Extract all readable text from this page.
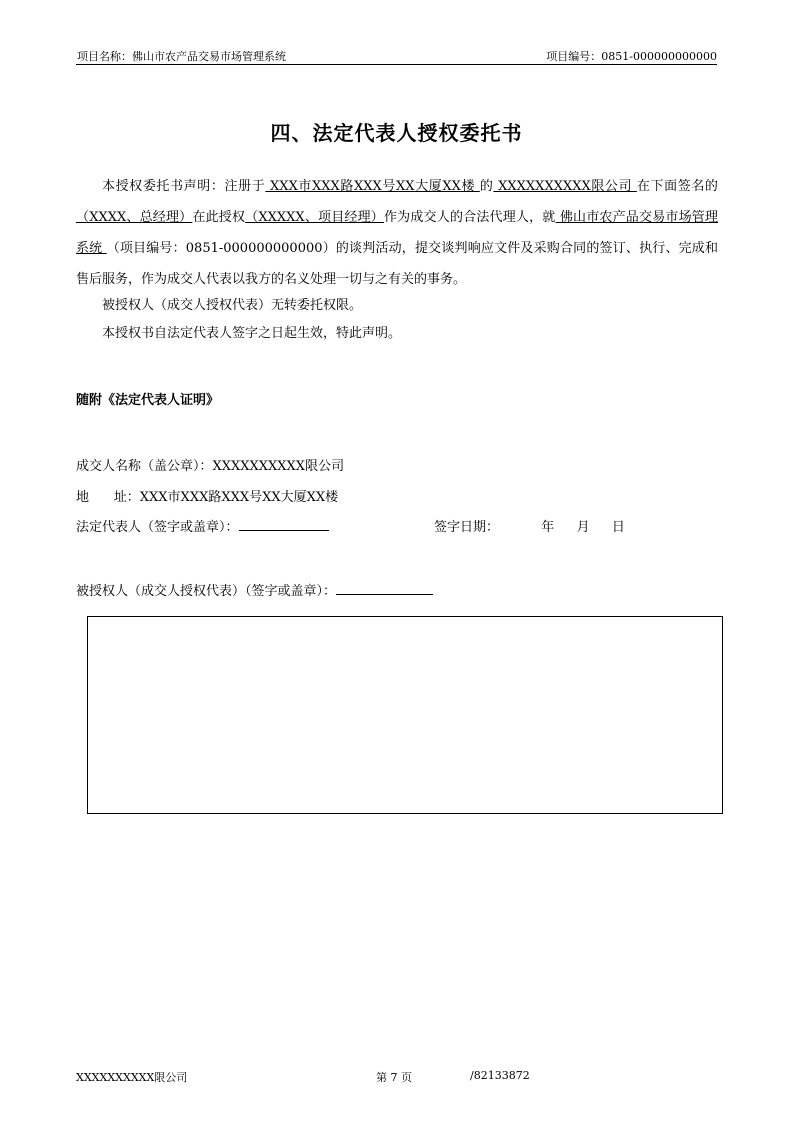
项目名称：佛山市农产品交易市场管理系统	项目编号：0851-000000000000
四、法定代表人授权委托书
本授权委托书声明：注册于 XXX市XXX路XXX号XX大厦XX楼 的 XXXXXXXXXX限公司 在下面签名的（XXXX、总经理）在此授权（XXXXX、项目经理）作为成交人的合法代理人，就 佛山市农产品交易市场管理系统 （项目编号：0851-000000000000）的谈判活动，提交谈判响应文件及采购合同的签订、执行、完成和售后服务，作为成交人代表以我方的名义处理一切与之有关的事务。
被授权人（成交人授权代表）无转委托权限。
本授权书自法定代表人签字之日起生效，特此声明。
随附《法定代表人证明》
成交人名称（盖公章）：XXXXXXXXXX限公司
地      址：XXX市XXX路XXX号XX大厦XX楼
法定代表人（签字或盖章）：	签字日期：	年 月 日
被授权人（成交人授权代表）（签字或盖章）：
XXXXXXXXXX限公司	第 7 页	/82133872
